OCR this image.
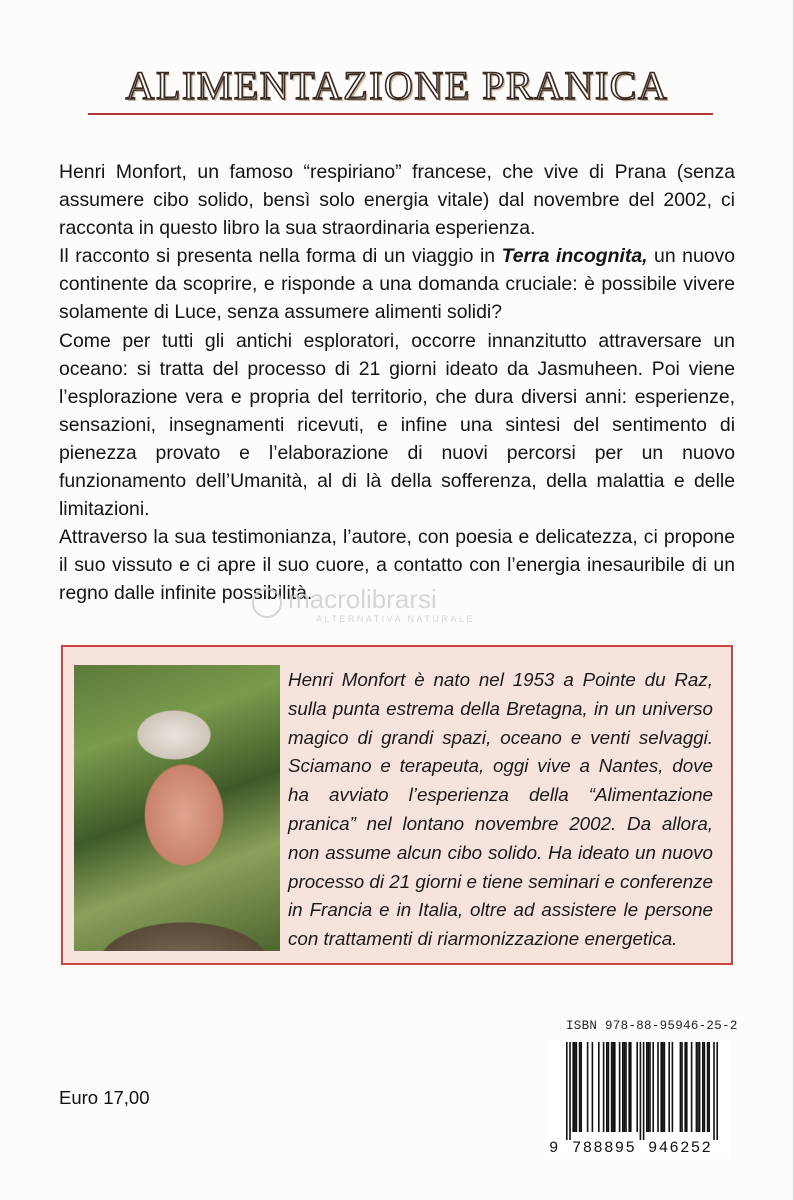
ALIMENTAZIONE PRANICA

Henri Monfort, un famoso “respiriano” francese, che vive di Prana (senza assumere cibo solido, bensì solo energia vitale) dal novembre del 2002, ci racconta in questo libro la sua straordinaria esperienza.

Il racconto si presenta nella forma di un viaggio in Terra incognita, un nuovo continente da scoprire, e risponde a una domanda cruciale: è possibile vivere solamente di Luce, senza assumere alimenti solidi?

Come per tutti gli antichi esploratori, occorre innanzitutto attraversare un oceano: si tratta del processo di 21 giorni ideato da Jasmuheen. Poi viene l’esplorazione vera e propria del territorio, che dura diversi anni: esperienze, sensazioni, insegnamenti ricevuti, e infine una sintesi del sentimento di pienezza provato e l’elaborazione di nuovi percorsi per un nuovo funzionamento dell’Umanità, al di là della sofferenza, della malattia e delle limitazioni.

Attraverso la sua testimonianza, l’autore, con poesia e delicatezza, ci propone il suo vissuto e ci apre il suo cuore, a contatto con l’energia inesauribile di un regno dalle infinite possibilità.

macrolibrarsi
ALTERNATIVA NATURALE

Henri Monfort è nato nel 1953 a Pointe du Raz, sulla punta estrema della Bretagna, in un universo magico di grandi spazi, oceano e venti selvaggi. Sciamano e terapeuta, oggi vive a Nantes, dove ha avviato l’esperienza della “Alimentazione pranica” nel lontano novembre 2002. Da allora, non assume alcun cibo solido. Ha ideato un nuovo processo di 21 giorni e tiene seminari e conferenze in Francia e in Italia, oltre ad assistere le persone con trattamenti di riarmonizzazione energetica.

ISBN 978-88-95946-25-2
9 788895 946252
Euro 17,00
